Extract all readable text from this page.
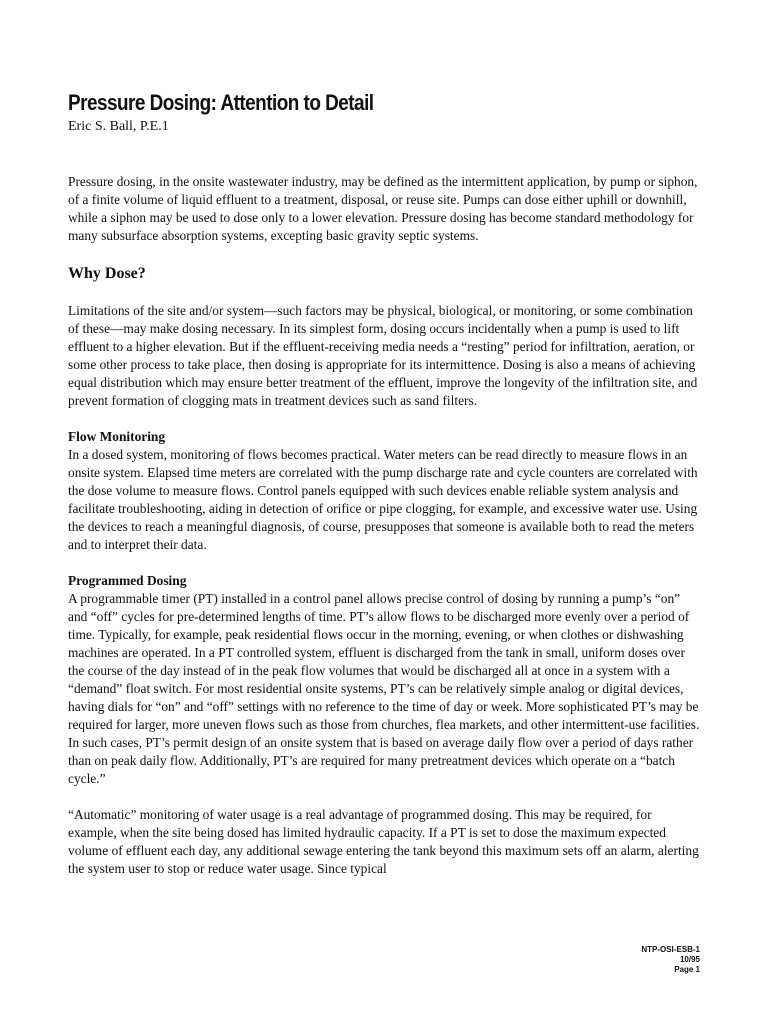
Pressure Dosing: Attention to Detail

Eric S. Ball, P.E.1

Pressure dosing, in the onsite wastewater industry, may be defined as the intermittent application, by pump or siphon, of a finite volume of liquid effluent to a treatment, disposal, or reuse site. Pumps can dose either uphill or downhill, while a siphon may be used to dose only to a lower elevation. Pressure dosing has become standard methodology for many subsurface absorption systems, excepting basic gravity septic systems.

Why Dose?

Limitations of the site and/or system—such factors may be physical, biological, or monitoring, or some combination of these—may make dosing necessary. In its simplest form, dosing occurs incidentally when a pump is used to lift effluent to a higher elevation. But if the effluent-receiving media needs a “resting” period for infiltration, aeration, or some other process to take place, then dosing is appropriate for its intermittence. Dosing is also a means of achieving equal distribution which may ensure better treatment of the effluent, improve the longevity of the infiltration site, and prevent formation of clogging mats in treatment devices such as sand filters.

Flow Monitoring

In a dosed system, monitoring of flows becomes practical. Water meters can be read directly to measure flows in an onsite system. Elapsed time meters are correlated with the pump discharge rate and cycle counters are correlated with the dose volume to measure flows. Control panels equipped with such devices enable reliable system analysis and facilitate troubleshooting, aiding in detection of orifice or pipe clogging, for example, and excessive water use. Using the devices to reach a meaningful diagnosis, of course, presupposes that someone is available both to read the meters and to interpret their data.

Programmed Dosing

A programmable timer (PT) installed in a control panel allows precise control of dosing by running a pump’s “on” and “off” cycles for pre-determined lengths of time. PT’s allow flows to be discharged more evenly over a period of time. Typically, for example, peak residential flows occur in the morning, evening, or when clothes or dishwashing machines are operated. In a PT controlled system, effluent is discharged from the tank in small, uniform doses over the course of the day instead of in the peak flow volumes that would be discharged all at once in a system with a “demand” float switch. For most residential onsite systems, PT’s can be relatively simple analog or digital devices, having dials for “on” and “off” settings with no reference to the time of day or week. More sophisticated PT’s may be required for larger, more uneven flows such as those from churches, flea markets, and other intermittent-use facilities. In such cases, PT’s permit design of an onsite system that is based on average daily flow over a period of days rather than on peak daily flow. Additionally, PT’s are required for many pretreatment devices which operate on a “batch cycle.”

“Automatic” monitoring of water usage is a real advantage of programmed dosing. This may be required, for example, when the site being dosed has limited hydraulic capacity. If a PT is set to dose the maximum expected volume of effluent each day, any additional sewage entering the tank beyond this maximum sets off an alarm, alerting the system user to stop or reduce water usage. Since typical

NTP-OSI-ESB-1
10/95
Page 1
